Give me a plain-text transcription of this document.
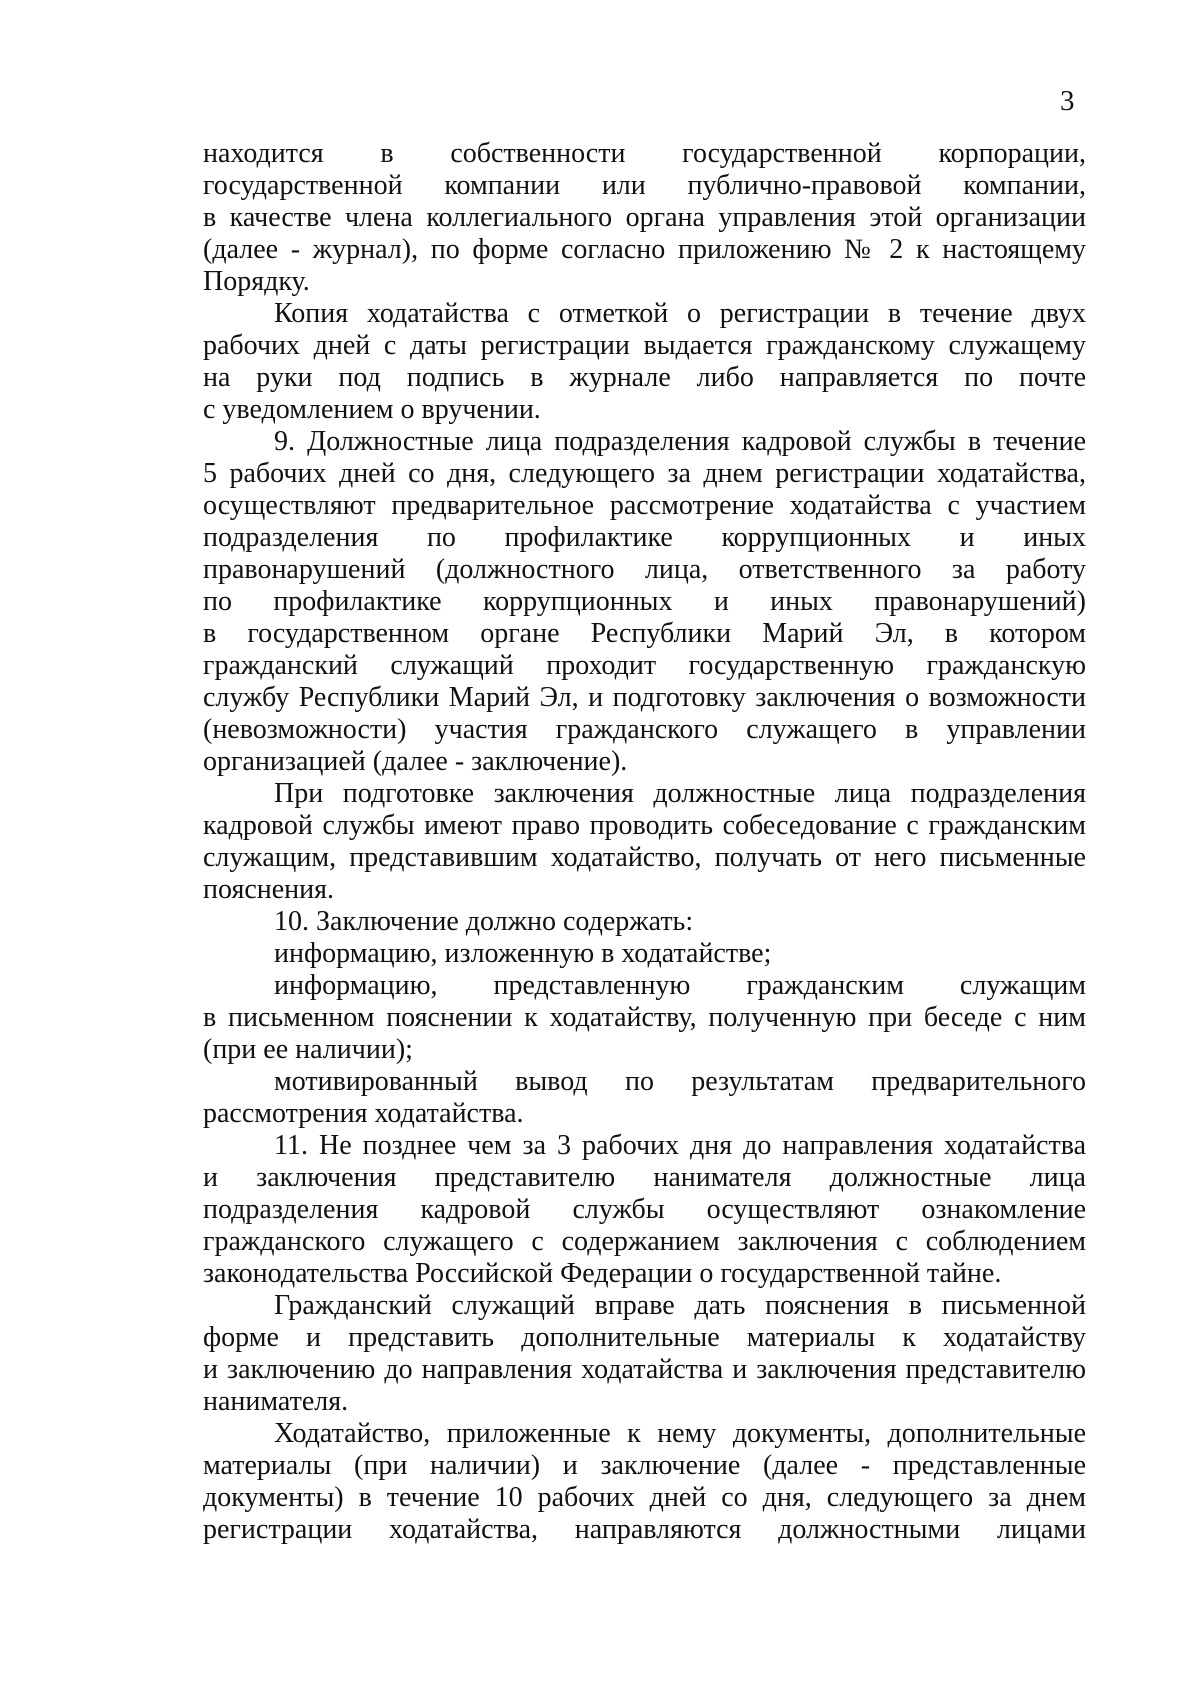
3
находится в собственности государственной корпорации,
государственной компании или публично-правовой компании,
в качестве члена коллегиального органа управления этой организации
(далее - журнал), по форме согласно приложению № 2 к настоящему
Порядку.
Копия ходатайства с отметкой о регистрации в течение двух
рабочих дней с даты регистрации выдается гражданскому служащему
на руки под подпись в журнале либо направляется по почте
с уведомлением о вручении.
9. Должностные лица подразделения кадровой службы в течение
5 рабочих дней со дня, следующего за днем регистрации ходатайства,
осуществляют предварительное рассмотрение ходатайства с участием
подразделения по профилактике коррупционных и иных
правонарушений (должностного лица, ответственного за работу
по профилактике коррупционных и иных правонарушений)
в государственном органе Республики Марий Эл, в котором
гражданский служащий проходит государственную гражданскую
службу Республики Марий Эл, и подготовку заключения о возможности
(невозможности) участия гражданского служащего в управлении
организацией (далее - заключение).
При подготовке заключения должностные лица подразделения
кадровой службы имеют право проводить собеседование с гражданским
служащим, представившим ходатайство, получать от него письменные
пояснения.
10. Заключение должно содержать:
информацию, изложенную в ходатайстве;
информацию, представленную гражданским служащим
в письменном пояснении к ходатайству, полученную при беседе с ним
(при ее наличии);
мотивированный вывод по результатам предварительного
рассмотрения ходатайства.
11. Не позднее чем за 3 рабочих дня до направления ходатайства
и заключения представителю нанимателя должностные лица
подразделения кадровой службы осуществляют ознакомление
гражданского служащего с содержанием заключения с соблюдением
законодательства Российской Федерации о государственной тайне.
Гражданский служащий вправе дать пояснения в письменной
форме и представить дополнительные материалы к ходатайству
и заключению до направления ходатайства и заключения представителю
нанимателя.
Ходатайство, приложенные к нему документы, дополнительные
материалы (при наличии) и заключение (далее - представленные
документы) в течение 10 рабочих дней со дня, следующего за днем
регистрации ходатайства, направляются должностными лицами
